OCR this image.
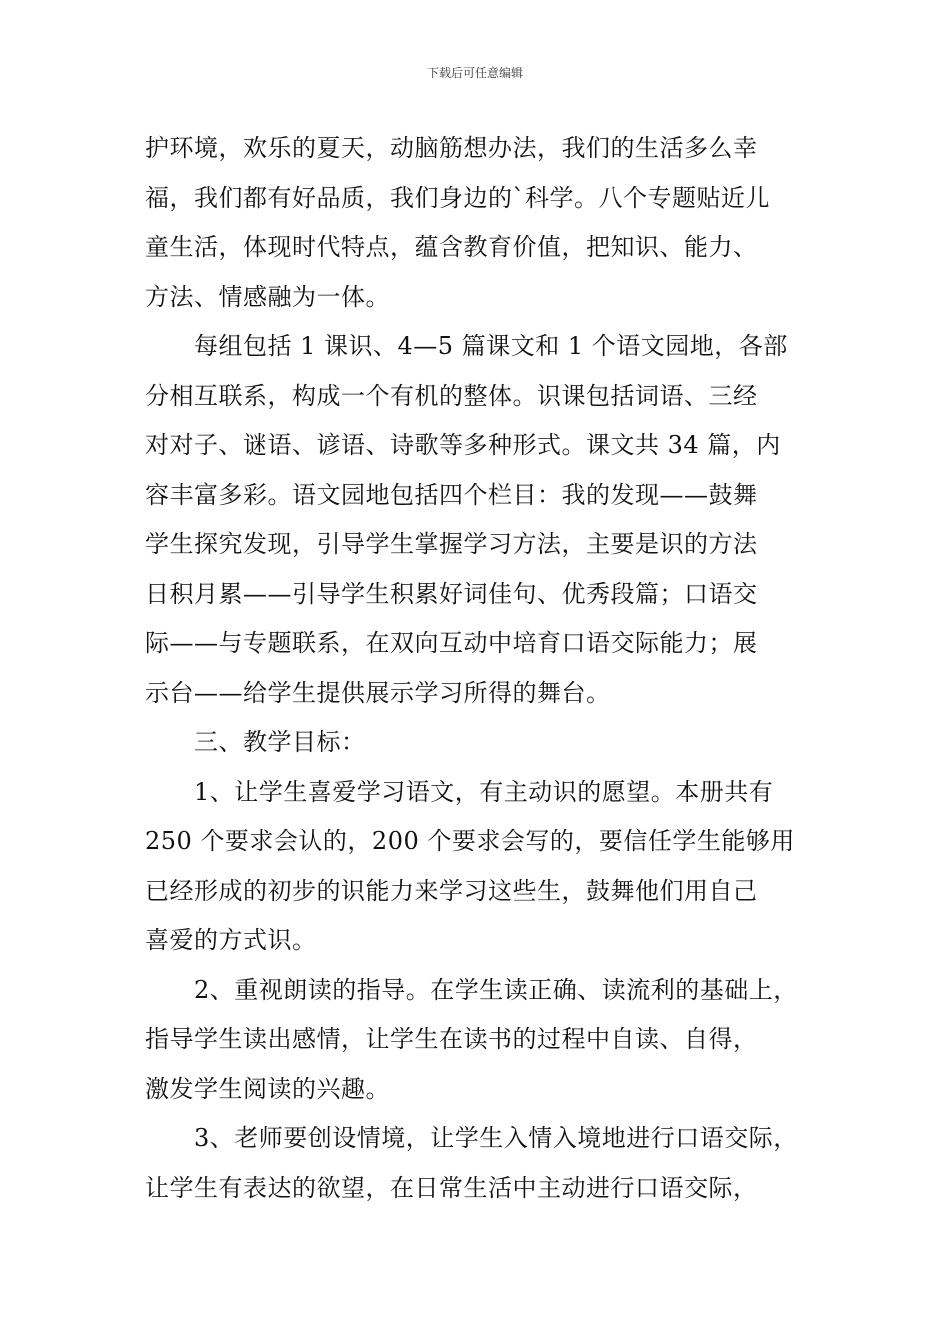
下载后可任意编辑
护环境，欢乐的夏天，动脑筋想办法，我们的生活多么幸
福，我们都有好品质，我们身边的`科学。八个专题贴近儿
童生活，体现时代特点，蕴含教育价值，把知识、能力、
方法、情感融为一体。
　　每组包括 1 课识、4—5 篇课文和 1 个语文园地，各部
分相互联系，构成一个有机的整体。识课包括词语、三经
对对子、谜语、谚语、诗歌等多种形式。课文共 34 篇，内
容丰富多彩。语文园地包括四个栏目：我的发现——鼓舞
学生探究发现，引导学生掌握学习方法，主要是识的方法
日积月累——引导学生积累好词佳句、优秀段篇；口语交
际——与专题联系，在双向互动中培育口语交际能力；展
示台——给学生提供展示学习所得的舞台。
　　三、教学目标：
　　1、让学生喜爱学习语文，有主动识的愿望。本册共有
250 个要求会认的，200 个要求会写的，要信任学生能够用
已经形成的初步的识能力来学习这些生，鼓舞他们用自己
喜爱的方式识。
　　2、重视朗读的指导。在学生读正确、读流利的基础上，
指导学生读出感情，让学生在读书的过程中自读、自得，
激发学生阅读的兴趣。
　　3、老师要创设情境，让学生入情入境地进行口语交际，
让学生有表达的欲望，在日常生活中主动进行口语交际，
